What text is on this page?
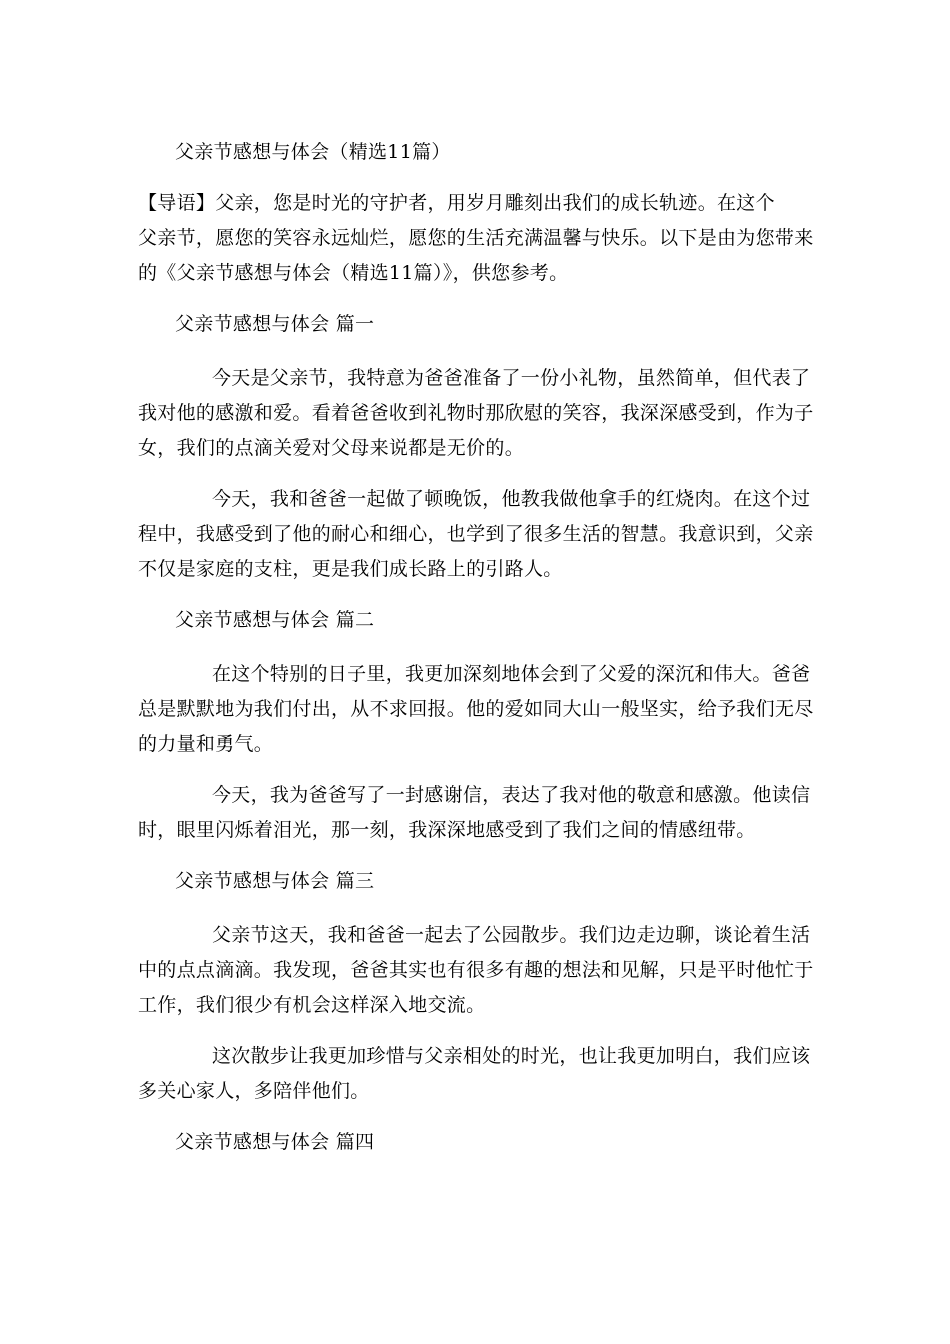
父亲节感想与体会（精选11篇）
【导语】父亲，您是时光的守护者，用岁月雕刻出我们的成长轨迹。在这个
父亲节，愿您的笑容永远灿烂，愿您的生活充满温馨与快乐。以下是由为您带来
的《父亲节感想与体会（精选11篇）》，供您参考。
父亲节感想与体会 篇一
今天是父亲节，我特意为爸爸准备了一份小礼物，虽然简单，但代表了
我对他的感激和爱。看着爸爸收到礼物时那欣慰的笑容，我深深感受到，作为子
女，我们的点滴关爱对父母来说都是无价的。
今天，我和爸爸一起做了顿晚饭，他教我做他拿手的红烧肉。在这个过
程中，我感受到了他的耐心和细心，也学到了很多生活的智慧。我意识到，父亲
不仅是家庭的支柱，更是我们成长路上的引路人。
父亲节感想与体会 篇二
在这个特别的日子里，我更加深刻地体会到了父爱的深沉和伟大。爸爸
总是默默地为我们付出，从不求回报。他的爱如同大山一般坚实，给予我们无尽
的力量和勇气。
今天，我为爸爸写了一封感谢信，表达了我对他的敬意和感激。他读信
时，眼里闪烁着泪光，那一刻，我深深地感受到了我们之间的情感纽带。
父亲节感想与体会 篇三
父亲节这天，我和爸爸一起去了公园散步。我们边走边聊，谈论着生活
中的点点滴滴。我发现，爸爸其实也有很多有趣的想法和见解，只是平时他忙于
工作，我们很少有机会这样深入地交流。
这次散步让我更加珍惜与父亲相处的时光，也让我更加明白，我们应该
多关心家人，多陪伴他们。
父亲节感想与体会 篇四
